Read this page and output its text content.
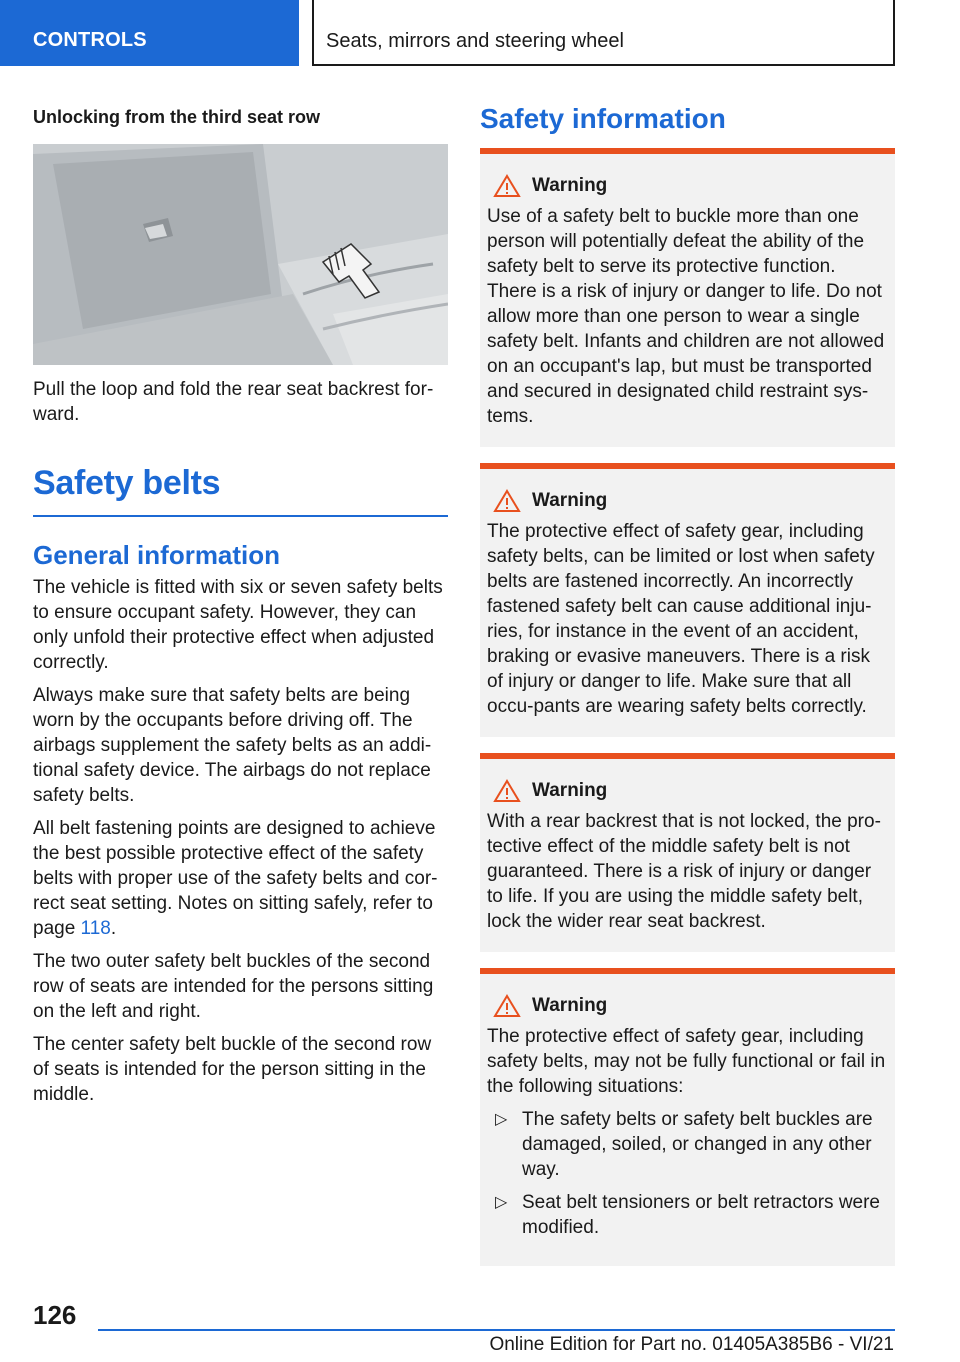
CONTROLS	Seats, mirrors and steering wheel
Unlocking from the third seat row
Pull the loop and fold the rear seat backrest for-ward.
Safety belts
General information

The vehicle is fitted with six or seven safety belts to ensure occupant safety. However, they can only unfold their protective effect when adjusted correctly.

Always make sure that safety belts are being worn by the occupants before driving off. The airbags supplement the safety belts as an addi-tional safety device. The airbags do not replace safety belts.

All belt fastening points are designed to achieve the best possible protective effect of the safety belts with proper use of the safety belts and cor-rect seat setting. Notes on sitting safely, refer to page 118.

The two outer safety belt buckles of the second row of seats are intended for the persons sitting on the left and right.

The center safety belt buckle of the second row of seats is intended for the person sitting in the middle.

Safety information
Warning
Use of a safety belt to buckle more than one person will potentially defeat the ability of the safety belt to serve its protective function. There is a risk of injury or danger to life. Do not allow more than one person to wear a single safety belt. Infants and children are not allowed on an occupant's lap, but must be transported and secured in designated child restraint sys-tems.
Warning
The protective effect of safety gear, including safety belts, can be limited or lost when safety belts are fastened incorrectly. An incorrectly fastened safety belt can cause additional inju-ries, for instance in the event of an accident, braking or evasive maneuvers. There is a risk of injury or danger to life. Make sure that all occu-pants are wearing safety belts correctly.
Warning
With a rear backrest that is not locked, the pro-tective effect of the middle safety belt is not guaranteed. There is a risk of injury or danger to life. If you are using the middle safety belt, lock the wider rear seat backrest.
Warning
The protective effect of safety gear, including safety belts, may not be fully functional or fail in the following situations:
▷ The safety belts or safety belt buckles are damaged, soiled, or changed in any other way.
▷ Seat belt tensioners or belt retractors were modified.
126
Online Edition for Part no. 01405A385B6 - VI/21
